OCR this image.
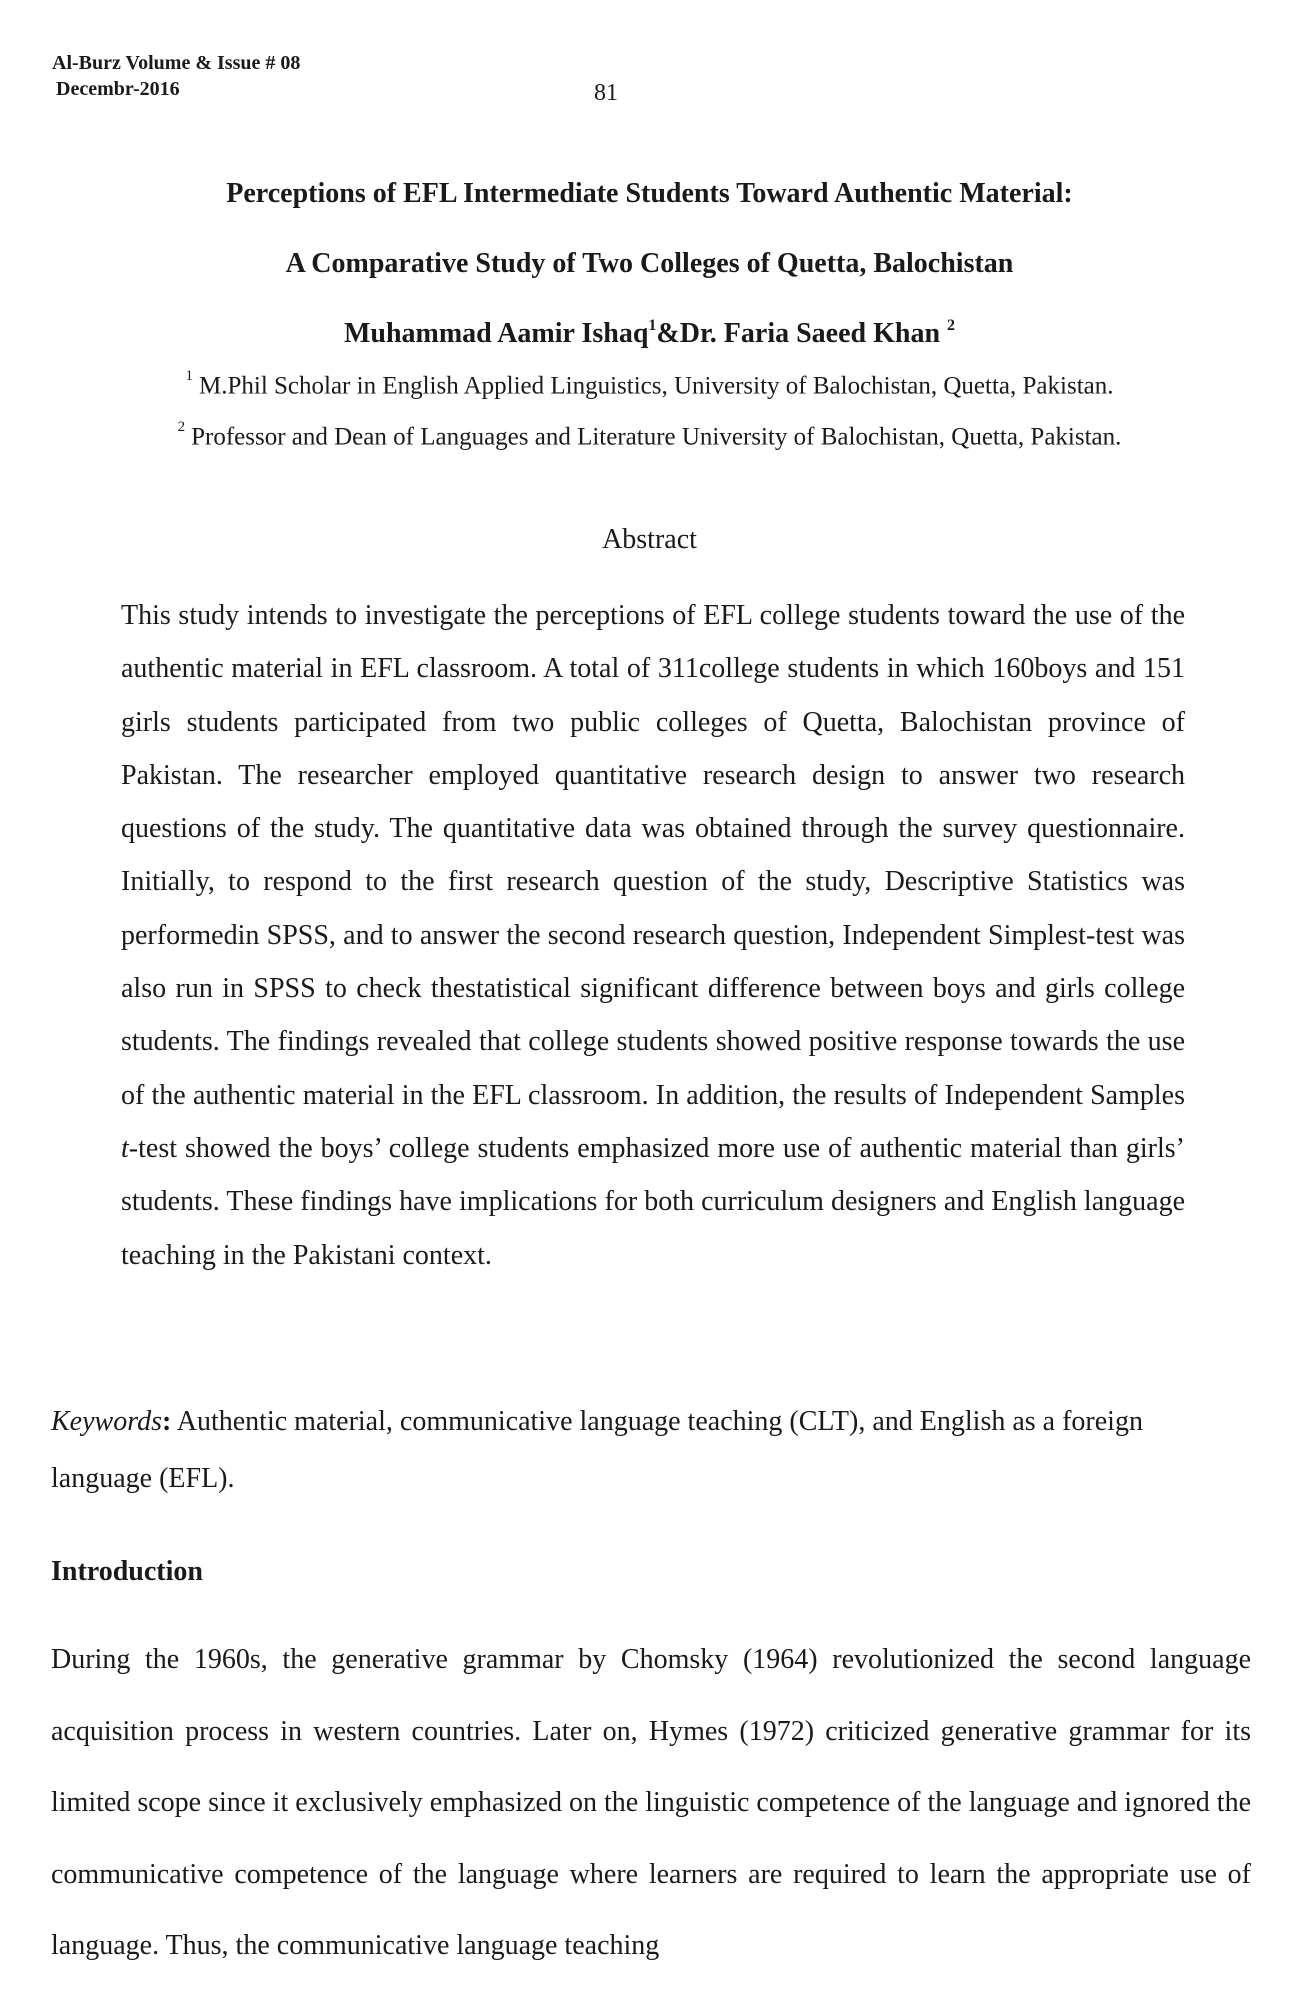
Al-Burz Volume & Issue # 08
Decembr-2016	81
Perceptions of EFL Intermediate Students Toward Authentic Material:
A Comparative Study of Two Colleges of Quetta, Balochistan
Muhammad Aamir Ishaq$^1$&Dr. Faria Saeed Khan $^2$
$^1$ M.Phil Scholar in English Applied Linguistics, University of Balochistan, Quetta, Pakistan.
$^2$ Professor and Dean of Languages and Literature University of Balochistan, Quetta, Pakistan.
Abstract
This study intends to investigate the perceptions of EFL college students toward the use of the authentic material in EFL classroom. A total of 311college students in which 160boys and 151 girls students participated from two public colleges of Quetta, Balochistan province of Pakistan. The researcher employed quantitative research design to answer two research questions of the study. The quantitative data was obtained through the survey questionnaire. Initially, to respond to the first research question of the study, Descriptive Statistics was performedin SPSS, and to answer the second research question, Independent Simplest-test was also run in SPSS to check thestatistical significant difference between boys and girls college students. The findings revealed that college students showed positive response towards the use of the authentic material in the EFL classroom. In addition, the results of Independent Samples t-test showed the boys’ college students emphasized more use of authentic material than girls’ students. These findings have implications for both curriculum designers and English language teaching in the Pakistani context.
Keywords: Authentic material, communicative language teaching (CLT), and English as a foreign language (EFL).
Introduction
During the 1960s, the generative grammar by Chomsky (1964) revolutionized the second language acquisition process in western countries. Later on, Hymes (1972) criticized generative grammar for its limited scope since it exclusively emphasized on the linguistic competence of the language and ignored the communicative competence of the language where learners are required to learn the appropriate use of language. Thus, the communicative language teaching
